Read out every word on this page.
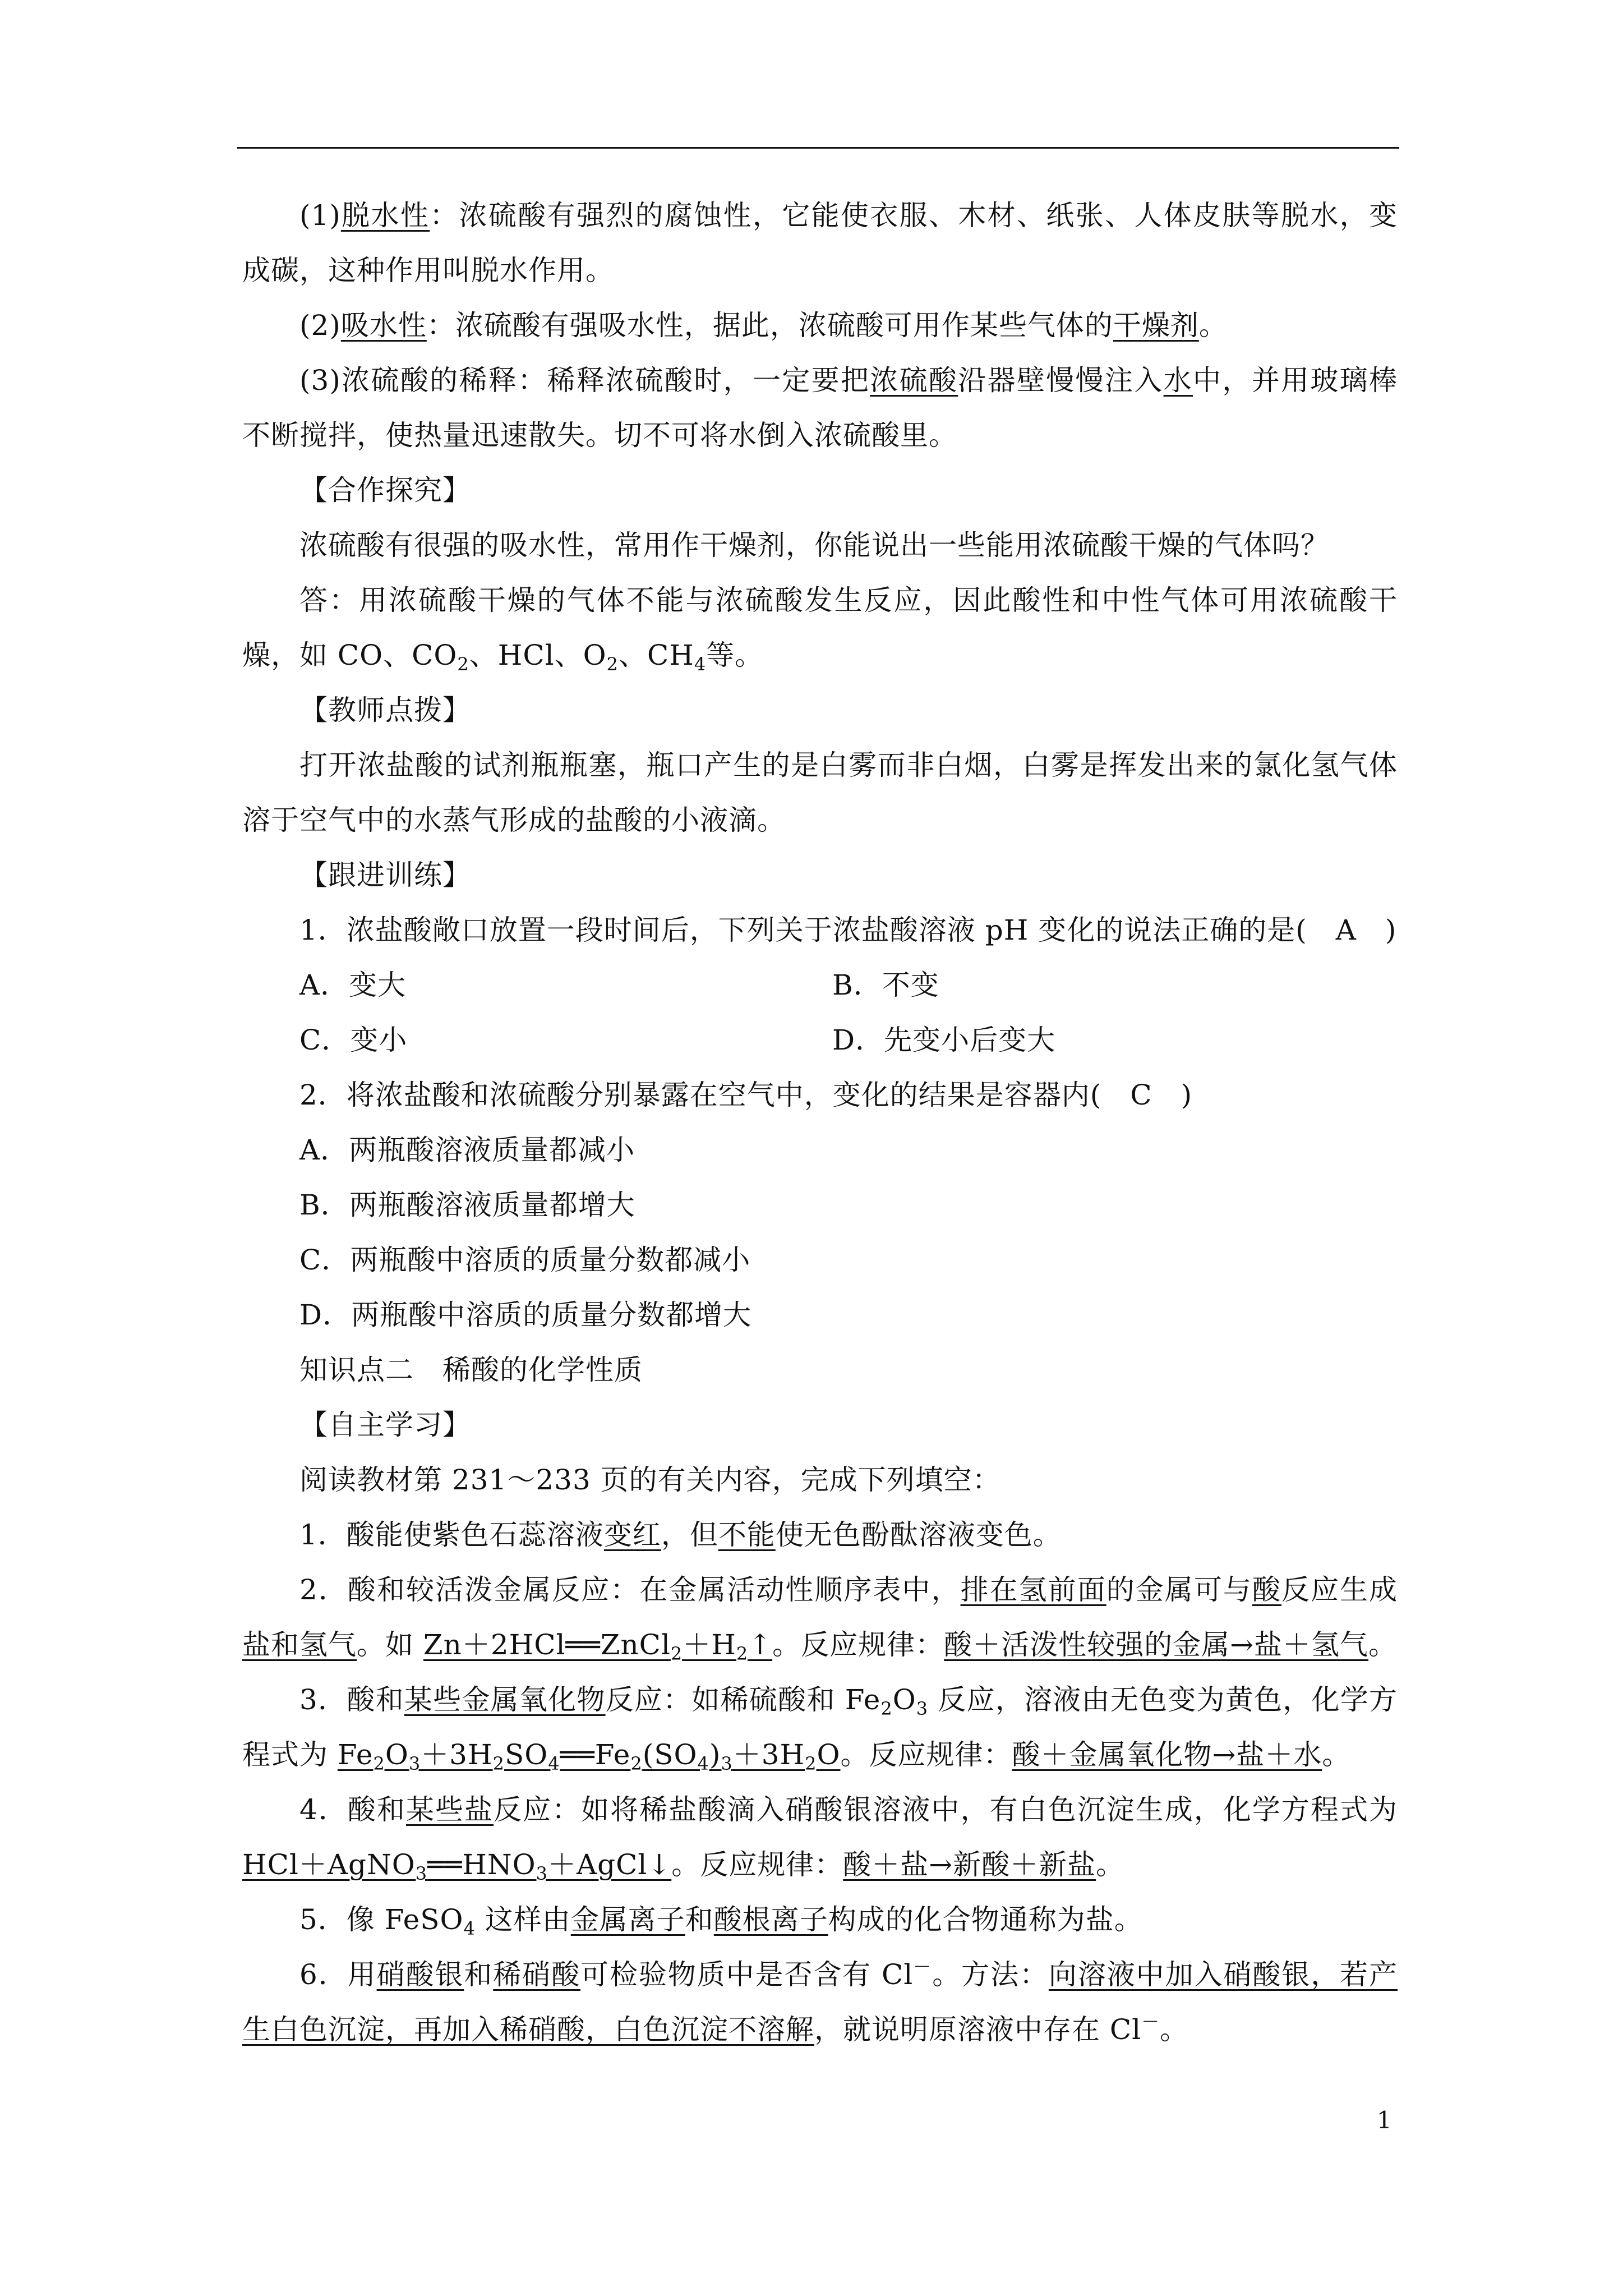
(1)脱水性：浓硫酸有强烈的腐蚀性，它能使衣服、木材、纸张、人体皮肤等脱水，变成碳，这种作用叫脱水作用。

(2)吸水性：浓硫酸有强吸水性，据此，浓硫酸可用作某些气体的干燥剂。

(3)浓硫酸的稀释：稀释浓硫酸时，一定要把浓硫酸沿器壁慢慢注入水中，并用玻璃棒不断搅拌，使热量迅速散失。切不可将水倒入浓硫酸里。

【合作探究】

浓硫酸有很强的吸水性，常用作干燥剂，你能说出一些能用浓硫酸干燥的气体吗？

答：用浓硫酸干燥的气体不能与浓硫酸发生反应，因此酸性和中性气体可用浓硫酸干燥，如 CO、$CO_2$、HCl、$O_2$、$CH_4$等。

【教师点拨】

打开浓盐酸的试剂瓶瓶塞，瓶口产生的是白雾而非白烟，白雾是挥发出来的氯化氢气体溶于空气中的水蒸气形成的盐酸的小液滴。

【跟进训练】

1．浓盐酸敞口放置一段时间后，下列关于浓盐酸溶液 pH 变化的说法正确的是(　A　)

A．变大	B．不变
C．变小	D．先变小后变大

2．将浓盐酸和浓硫酸分别暴露在空气中，变化的结果是容器内(　C　)

A．两瓶酸溶液质量都减小
B．两瓶酸溶液质量都增大
C．两瓶酸中溶质的质量分数都减小
D．两瓶酸中溶质的质量分数都增大

知识点二　稀酸的化学性质

【自主学习】

阅读教材第 231～233 页的有关内容，完成下列填空：

1．酸能使紫色石蕊溶液变红，但不能使无色酚酞溶液变色。

2．酸和较活泼金属反应：在金属活动性顺序表中，排在氢前面的金属可与酸反应生成盐和氢气。如 $Zn+2HCl══ZnCl_2+H_2↑$。反应规律：酸＋活泼性较强的金属→盐＋氢气。

3．酸和某些金属氧化物反应：如稀硫酸和 $Fe_2O_3$ 反应，溶液由无色变为黄色，化学方程式为 $Fe_2O_3+3H_2SO_4══Fe_2(SO_4)_3+3H_2O$。反应规律：酸＋金属氧化物→盐＋水。

4．酸和某些盐反应：如将稀盐酸滴入硝酸银溶液中，有白色沉淀生成，化学方程式为 $HCl+AgNO_3══HNO_3+AgCl↓$。反应规律：酸＋盐→新酸＋新盐。

5．像 FeSO$_4$ 这样由金属离子和酸根离子构成的化合物通称为盐。

6．用硝酸银和稀硝酸可检验物质中是否含有 Cl－。方法：向溶液中加入硝酸银，若产生白色沉淀，再加入稀硝酸，白色沉淀不溶解，就说明原溶液中存在 Cl－。

1
